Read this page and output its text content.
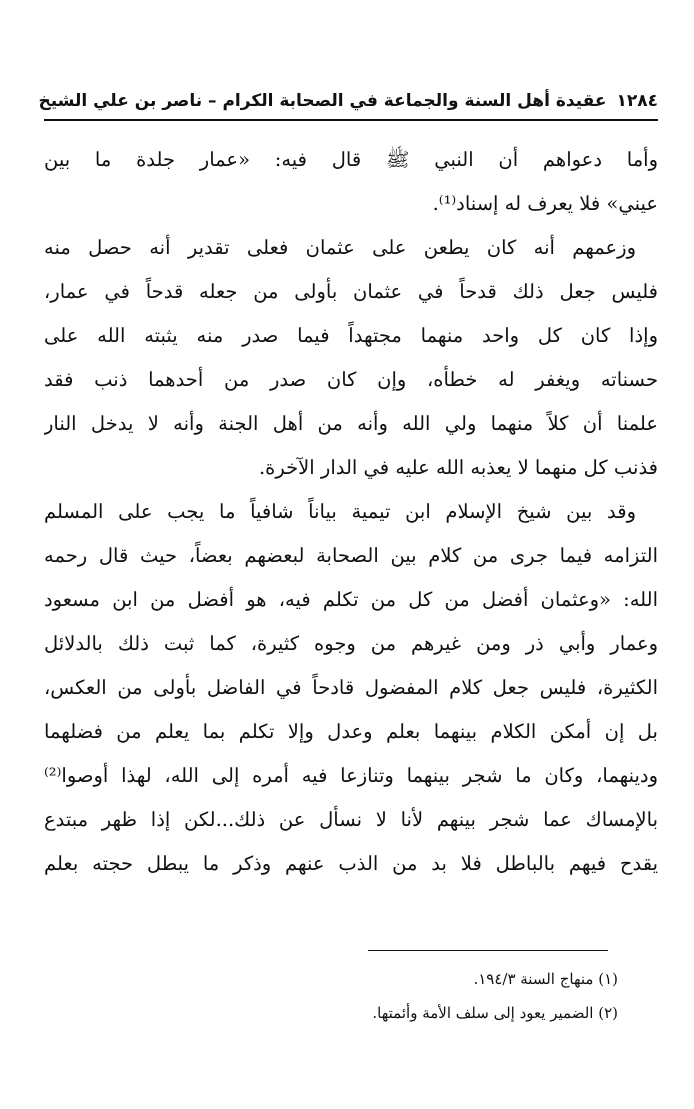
١٢٨٤
عقيدة أهل السنة والجماعة في الصحابة الكرام – ناصر بن علي الشيخ
وأما دعواهم أن النبي ﷺ قال فيه: «عمار جلدة ما بين
عيني» فلا يعرف له إسناد⁽¹⁾.
وزعمهم أنه كان يطعن على عثمان فعلى تقدير أنه حصل منه
فليس جعل ذلك قدحاً في عثمان بأولى من جعله قدحاً في عمار،
وإذا كان كل واحد منهما مجتهداً فيما صدر منه يثبته الله على
حسناته ويغفر له خطأه، وإن كان صدر من أحدهما ذنب فقد
علمنا أن كلاً منهما ولي الله وأنه من أهل الجنة وأنه لا يدخل النار
فذنب كل منهما لا يعذبه الله عليه في الدار الآخرة.
وقد بين شيخ الإسلام ابن تيمية بياناً شافياً ما يجب على المسلم
التزامه فيما جرى من كلام بين الصحابة لبعضهم بعضاً، حيث قال رحمه
الله: «وعثمان أفضل من كل من تكلم فيه، هو أفضل من ابن مسعود
وعمار وأبي ذر ومن غيرهم من وجوه كثيرة، كما ثبت ذلك بالدلائل
الكثيرة، فليس جعل كلام المفضول قادحاً في الفاضل بأولى من العكس،
بل إن أمكن الكلام بينهما بعلم وعدل وإلا تكلم بما يعلم من فضلهما
ودينهما، وكان ما شجر بينهما وتنازعا فيه أمره إلى الله، لهذا أوصوا⁽²⁾
بالإمساك عما شجر بينهم لأنا لا نسأل عن ذلك...لكن إذا ظهر مبتدع
يقدح فيهم بالباطل فلا بد من الذب عنهم وذكر ما يبطل حجته بعلم
(١) منهاج السنة ١٩٤/٣.
(٢) الضمير يعود إلى سلف الأمة وأئمتها.
